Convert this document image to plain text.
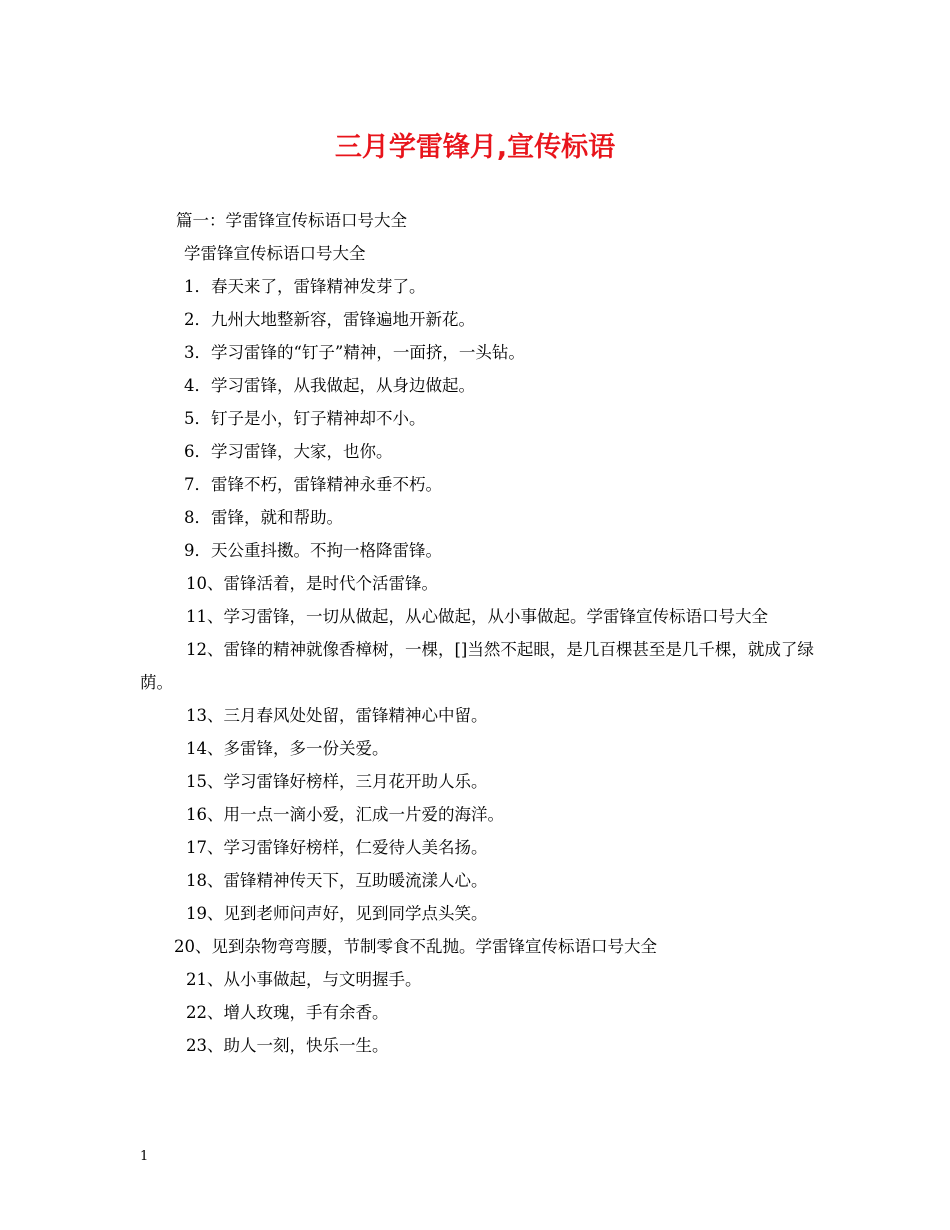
三月学雷锋月,宣传标语
篇一：学雷锋宣传标语口号大全
学雷锋宣传标语口号大全
1．春天来了，雷锋精神发芽了。
2．九州大地整新容，雷锋遍地开新花。
3．学习雷锋的“钉子”精神，一面挤，一头钻。
4．学习雷锋，从我做起，从身边做起。
5．钉子是小，钉子精神却不小。
6．学习雷锋，大家，也你。
7．雷锋不朽，雷锋精神永垂不朽。
8．雷锋，就和帮助。
9．天公重抖擞。不拘一格降雷锋。
10、雷锋活着，是时代个活雷锋。
11、学习雷锋，一切从做起，从心做起，从小事做起。学雷锋宣传标语口号大全
12、雷锋的精神就像香樟树，一棵，[]当然不起眼，是几百棵甚至是几千棵，就成了绿荫。
13、三月春风处处留，雷锋精神心中留。
14、多雷锋，多一份关爱。
15、学习雷锋好榜样，三月花开助人乐。
16、用一点一滴小爱，汇成一片爱的海洋。
17、学习雷锋好榜样，仁爱待人美名扬。
18、雷锋精神传天下，互助暖流漾人心。
19、见到老师问声好，见到同学点头笑。
20、见到杂物弯弯腰，节制零食不乱抛。学雷锋宣传标语口号大全
21、从小事做起，与文明握手。
22、增人玫瑰，手有余香。
23、助人一刻，快乐一生。
1
